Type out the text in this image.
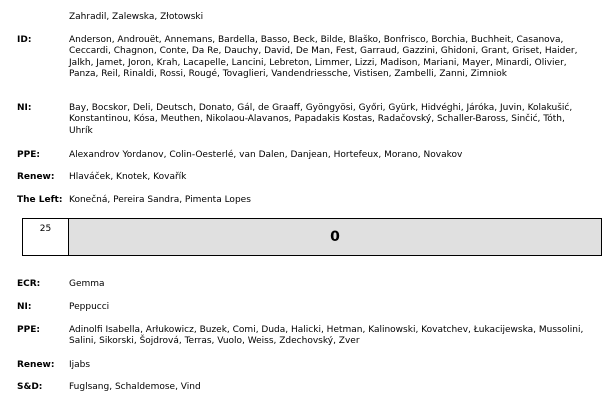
Zahradil, Zalewska, Złotowski
ID:	Anderson, Androuët, Annemans, Bardella, Basso, Beck, Bilde, Blaško, Bonfrisco, Borchia, Buchheit, Casanova, Ceccardi, Chagnon, Conte, Da Re, Dauchy, David, De Man, Fest, Garraud, Gazzini, Ghidoni, Grant, Griset, Haider, Jalkh, Jamet, Joron, Krah, Lacapelle, Lancini, Lebreton, Limmer, Lizzi, Madison, Mariani, Mayer, Minardi, Olivier, Panza, Reil, Rinaldi, Rossi, Rougé, Tovaglieri, Vandendriessche, Vistisen, Zambelli, Zanni, Zimniok
NI:	Bay, Bocskor, Deli, Deutsch, Donato, Gál, de Graaff, Gyöngyösi, Győri, Gyürk, Hidvéghi, Járóka, Juvin, Kolakušić, Konstantinou, Kósa, Meuthen, Nikolaou-Alavanos, Papadakis Kostas, Radačovský, Schaller-Baross, Sinčić, Tóth, Uhrík
PPE:	Alexandrov Yordanov, Colin-Oesterlé, van Dalen, Danjean, Hortefeux, Morano, Novakov
Renew: Hlaváček, Knotek, Kovařík
The Left: Konečná, Pereira Sandra, Pimenta Lopes
25	0
ECR:	Gemma
NI:	Peppucci
PPE:	Adinolfi Isabella, Arłukowicz, Buzek, Comi, Duda, Halicki, Hetman, Kalinowski, Kovatchev, Łukacijewska, Mussolini, Salini, Sikorski, Šojdrová, Terras, Vuolo, Weiss, Zdechovský, Zver
Renew: Ijabs
S&D:	Fuglsang, Schaldemose, Vind
